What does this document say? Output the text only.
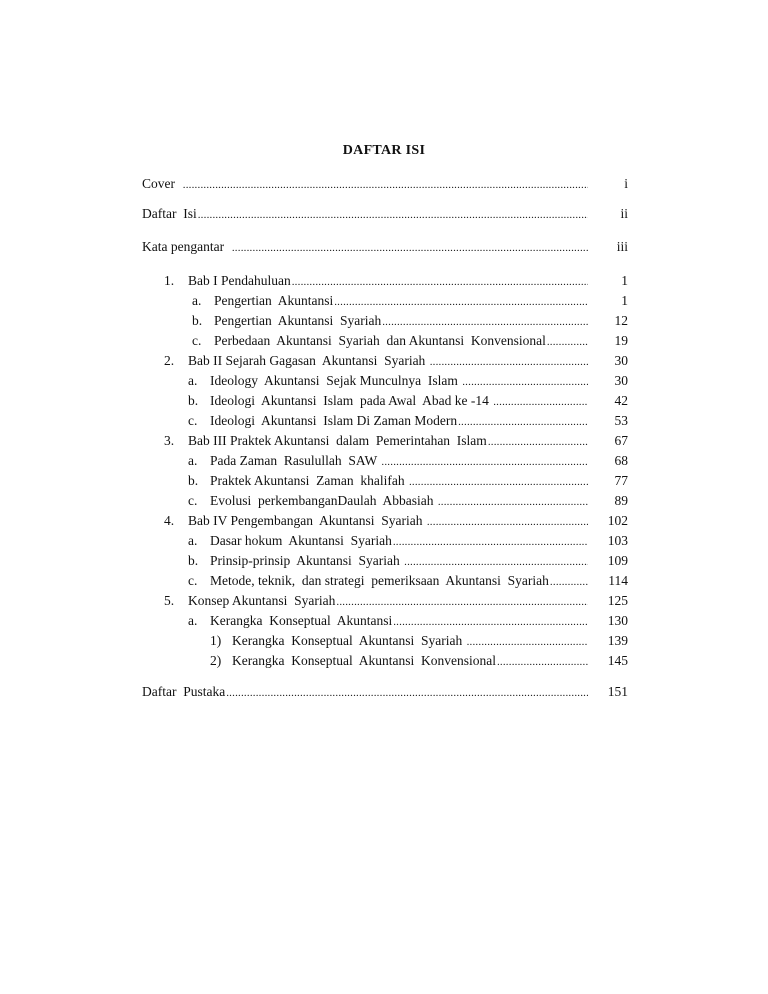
DAFTAR ISI
Cover .....	i
Daftar  Isi .....	ii
Kata pengantar .....	iii
1.	Bab I Pendahuluan .....	1
a. Pengertian  Akuntansi .....	1
b. Pengertian  Akuntansi  Syariah .....	12
c. Perbedaan  Akuntansi  Syariah  dan Akuntansi  Konvensional .....	19
2.	Bab II Sejarah Gagasan  Akuntansi  Syariah .....	30
a. Ideology  Akuntansi  Sejak Munculnya  Islam .....	30
b. Ideologi  Akuntansi  Islam  pada Awal  Abad ke -14 .....	42
c. Ideologi  Akuntansi  Islam Di Zaman Modern .....	53
3.	Bab III Praktek Akuntansi  dalam  Pemerintahan  Islam .....	67
a. Pada Zaman  Rasulullah  SAW .....	68
b. Praktek Akuntansi  Zaman  khalifah .....	77
c. Evolusi  perkembanganDaulah  Abbasiah .....	89
4.	Bab IV Pengembangan  Akuntansi  Syariah .....	102
a. Dasar hokum  Akuntansi  Syariah .....	103
b. Prinsip-prinsip  Akuntansi  Syariah .....	109
c. Metode, teknik,  dan strategi  pemeriksaan  Akuntansi  Syariah .....	114
5.	Konsep Akuntansi  Syariah .....	125
a. Kerangka  Konseptual  Akuntansi .....	130
1) Kerangka  Konseptual  Akuntansi  Syariah .....	139
2) Kerangka  Konseptual  Akuntansi  Konvensional .....	145
Daftar  Pustaka .....	151
